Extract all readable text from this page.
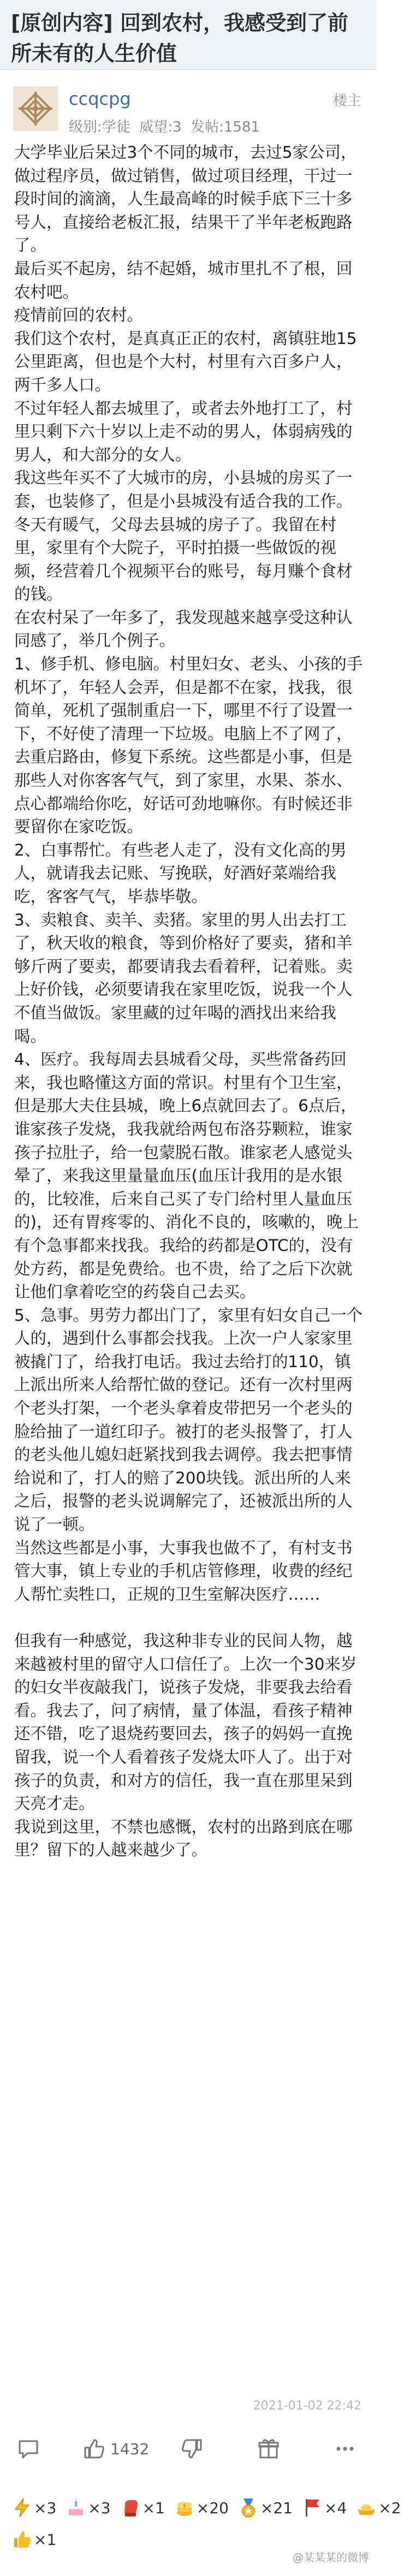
[原创内容] 回到农村，我感受到了前所未有的人生价值
ccqcpg
级别:学徒  威望:3  发帖:1581
楼主

大学毕业后呆过3个不同的城市，去过5家公司，做过程序员，做过销售，做过项目经理，干过一段时间的滴滴，人生最高峰的时候手底下三十多号人，直接给老板汇报，结果干了半年老板跑路了。

最后买不起房，结不起婚，城市里扎不了根，回农村吧。

疫情前回的农村。

我们这个农村，是真真正正的农村，离镇驻地15公里距离，但也是个大村，村里有六百多户人，两千多人口。

不过年轻人都去城里了，或者去外地打工了，村里只剩下六十岁以上走不动的男人，体弱病残的男人，和大部分的女人。

我这些年买不了大城市的房，小县城的房买了一套，也装修了，但是小县城没有适合我的工作。

冬天有暖气，父母去县城的房子了。我留在村里，家里有个大院子，平时拍摄一些做饭的视频，经营着几个视频平台的账号，每月赚个食材的钱。

在农村呆了一年多了，我发现越来越享受这种认同感了，举几个例子。

1、修手机、修电脑。村里妇女、老头、小孩的手机坏了，年轻人会弄，但是都不在家，找我，很简单，死机了强制重启一下，哪里不行了设置一下，不好使了清理一下垃圾。电脑上不了网了，去重启路由，修复下系统。这些都是小事，但是那些人对你客客气气，到了家里，水果、茶水、点心都端给你吃，好话可劲地嘛你。有时候还非要留你在家吃饭。

2、白事帮忙。有些老人走了，没有文化高的男人，就请我去记账、写挽联，好酒好菜端给我吃，客客气气，毕恭毕敬。

3、卖粮食、卖羊、卖猪。家里的男人出去打工了，秋天收的粮食，等到价格好了要卖，猪和羊够斤两了要卖，都要请我去看着秤，记着账。卖上好价钱，必须要请我在家里吃饭，说我一个人不值当做饭。家里藏的过年喝的酒找出来给我喝。

4、医疗。我每周去县城看父母，买些常备药回来，我也略懂这方面的常识。村里有个卫生室，但是那大夫住县城，晚上6点就回去了。6点后，谁家孩子发烧，我我就给两包布洛芬颗粒，谁家孩子拉肚子，给一包蒙脱石散。谁家老人感觉头晕了，来我这里量量血压(血压计我用的是水银的，比较准，后来自己买了专门给村里人量血压的)，还有胃疼零的、消化不良的，咳嗽的，晚上有个急事都来找我。我给的药都是OTC的，没有处方药，都是免费给。也不贵，给了之后下次就让他们拿着吃空的药袋自己去买。

5、急事。男劳力都出门了，家里有妇女自己一个人的，遇到什么事都会找我。上次一户人家家里被撬门了，给我打电话。我过去给打的110，镇上派出所来人给帮忙做的登记。还有一次村里两个老头打架，一个老头拿着皮带把另一个老头的脸给抽了一道红印子。被打的老头报警了，打人的老头他儿媳妇赶紧找到我去调停。我去把事情给说和了，打人的赔了200块钱。派出所的人来之后，报警的老头说调解完了，还被派出所的人说了一顿。

当然这些都是小事，大事我也做不了，有村支书管大事，镇上专业的手机店管修理，收费的经纪人帮忙卖牲口，正规的卫生室解决医疗……

但我有一种感觉，我这种非专业的民间人物，越来越被村里的留守人口信任了。上次一个30来岁的妇女半夜敲我门，说孩子发烧，非要我去给看看。我去了，问了病情，量了体温，看孩子精神还不错，吃了退烧药要回去，孩子的妈妈一直挽留我，说一个人看着孩子发烧太吓人了。出于对孩子的负责，和对方的信任，我一直在那里呆到天亮才走。

我说到这里，不禁也感慨，农村的出路到底在哪里？留下的人越来越少了。

2021-01-02 22:42
1432
×3 ×3 ×1	$ ×20 ×21 ×4 ×2
×1
@某某某的微博
